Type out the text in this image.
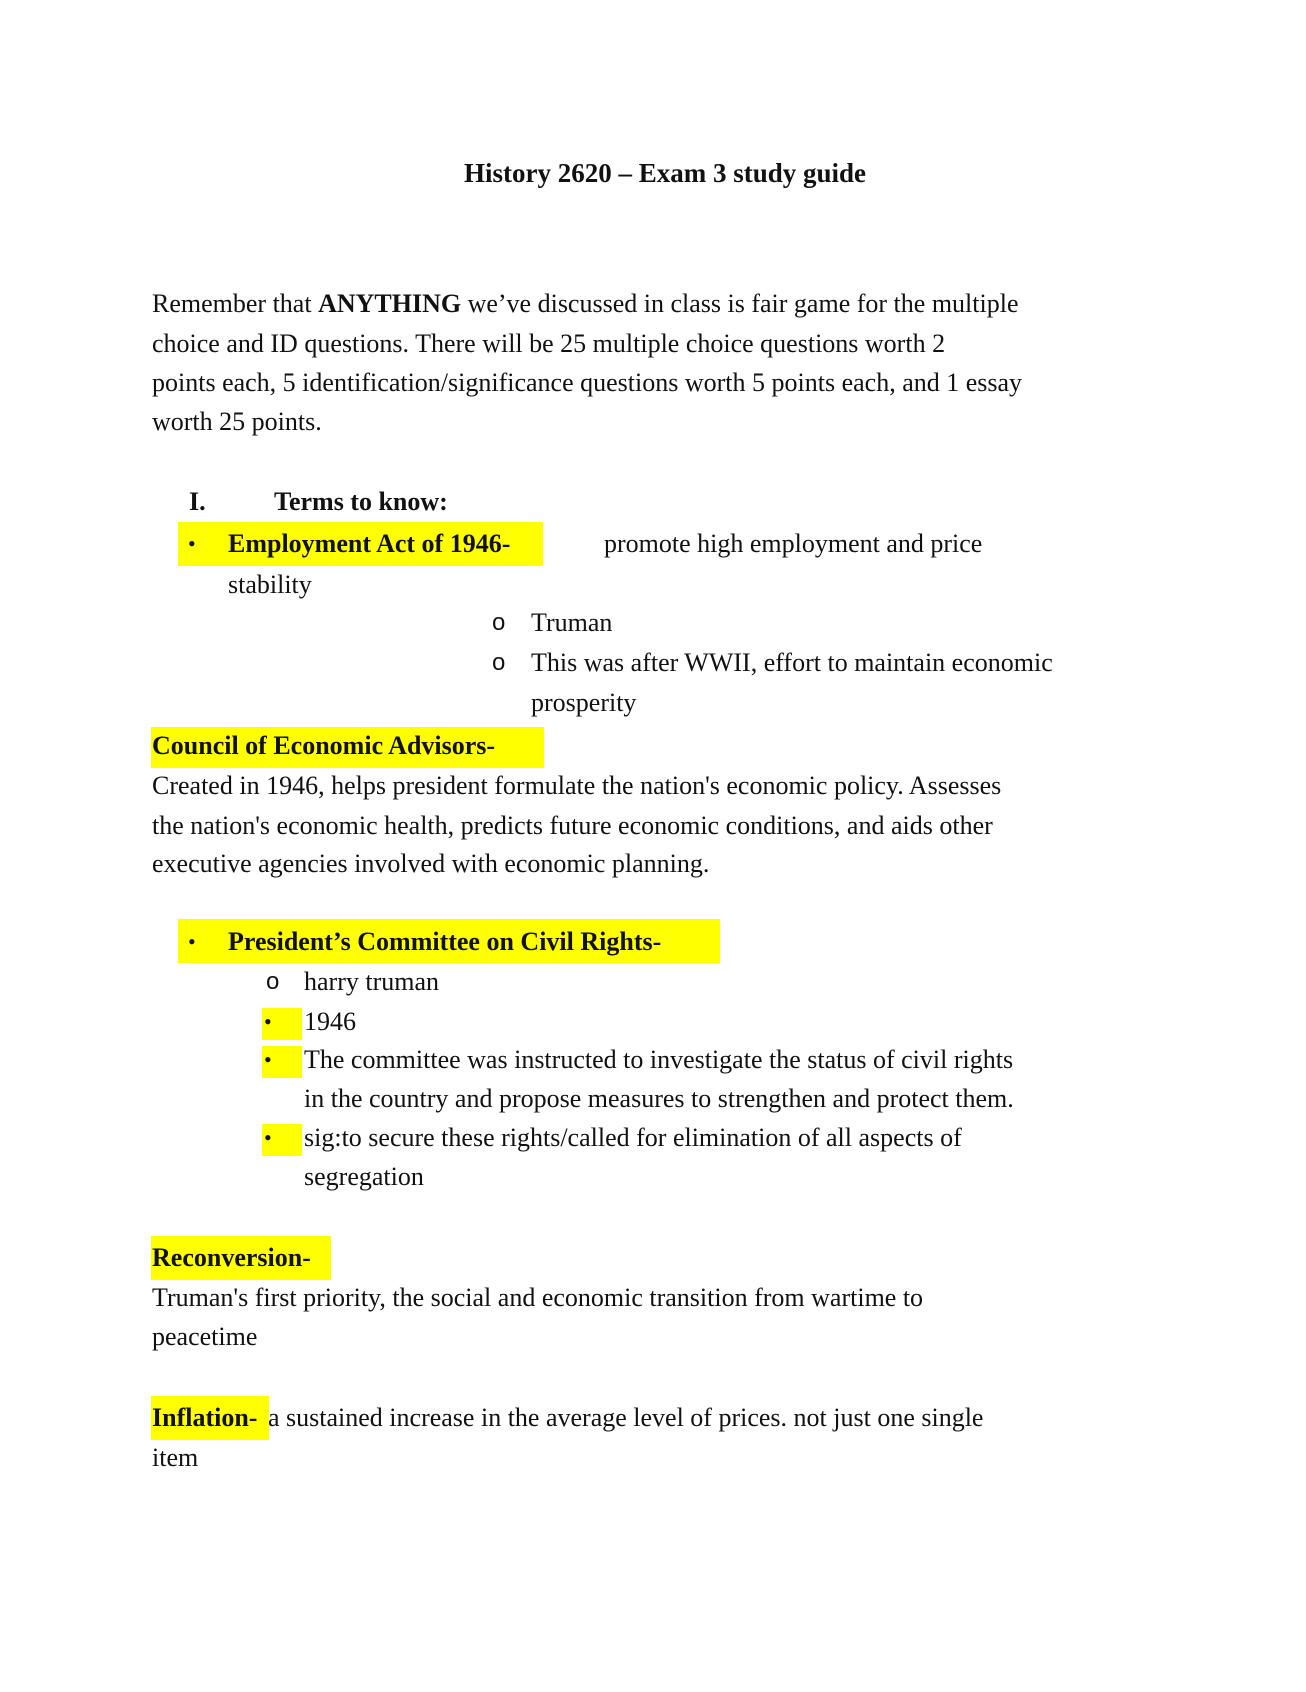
History 2620 – Exam 3 study guide
Remember that ANYTHING we’ve discussed in class is fair game for the multiple
choice and ID questions. There will be 25 multiple choice questions worth 2
points each, 5 identification/significance questions worth 5 points each, and 1 essay
worth 25 points.
I.	Terms to know:
• Employment Act of 1946-	promote high employment and price
stability
o Truman
o This was after WWII, effort to maintain economic
prosperity
Council of Economic Advisors-
Created in 1946, helps president formulate the nation's economic policy. Assesses
the nation's economic health, predicts future economic conditions, and aids other
executive agencies involved with economic planning.
• President’s Committee on Civil Rights-
o harry truman
• 1946
• The committee was instructed to investigate the status of civil rights
in the country and propose measures to strengthen and protect them.
• sig:to secure these rights/called for elimination of all aspects of
segregation
Reconversion-
Truman's first priority, the social and economic transition from wartime to
peacetime
Inflation- a sustained increase in the average level of prices. not just one single
item
